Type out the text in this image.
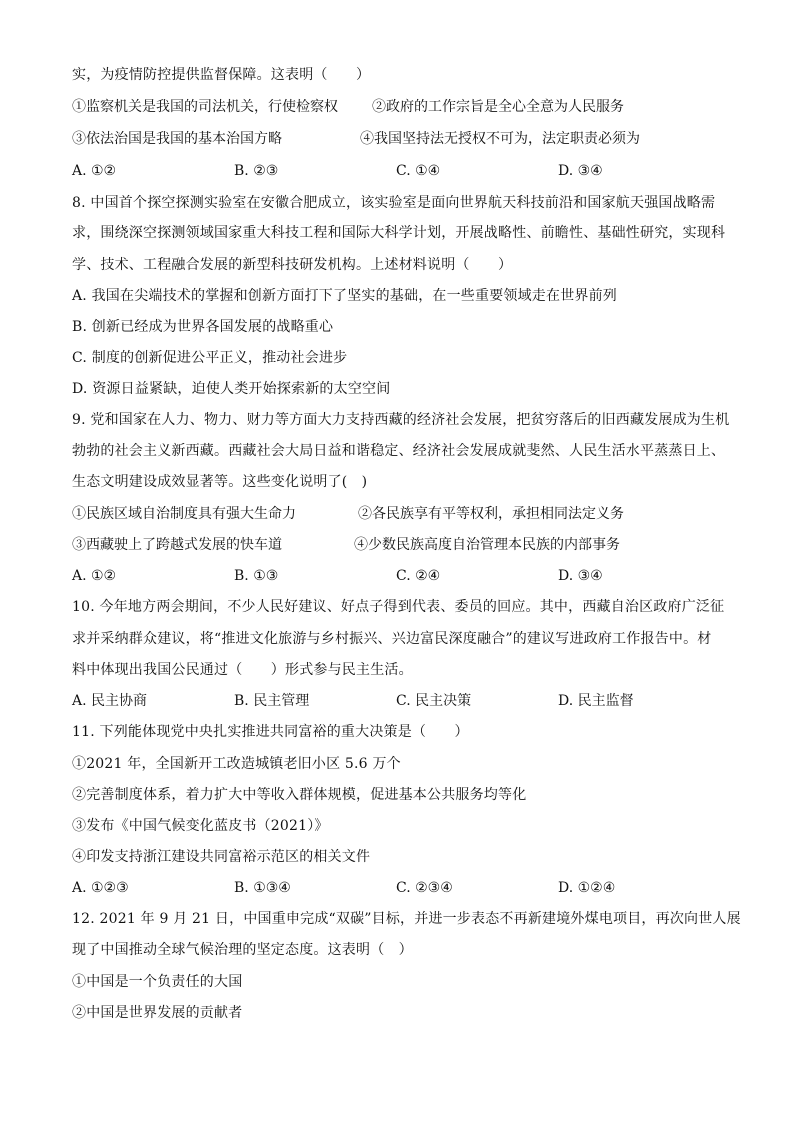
实，为疫情防控提供监督保障。这表明（　　）
①监察机关是我国的司法机关，行使检察权 ②政府的工作宗旨是全心全意为人民服务
③依法治国是我国的基本治国方略	④我国坚持法无授权不可为，法定职责必须为
A. ①②	B. ②③	C. ①④	D. ③④
8. 中国首个探空探测实验室在安徽合肥成立，该实验室是面向世界航天科技前沿和国家航天强国战略需
求，围绕深空探测领域国家重大科技工程和国际大科学计划，开展战略性、前瞻性、基础性研究，实现科
学、技术、工程融合发展的新型科技研发机构。上述材料说明（　　）
A. 我国在尖端技术的掌握和创新方面打下了坚实的基础，在一些重要领域走在世界前列
B. 创新已经成为世界各国发展的战略重心
C. 制度的创新促进公平正义，推动社会进步
D. 资源日益紧缺，迫使人类开始探索新的太空空间
9. 党和国家在人力、物力、财力等方面大力支持西藏的经济社会发展，把贫穷落后的旧西藏发展成为生机
勃勃的社会主义新西藏。西藏社会大局日益和谐稳定、经济社会发展成就斐然、人民生活水平蒸蒸日上、
生态文明建设成效显著等。这些变化说明了(　)
①民族区域自治制度具有强大生命力	②各民族享有平等权利，承担相同法定义务
③西藏驶上了跨越式发展的快车道	④少数民族高度自治管理本民族的内部事务
A. ①②	B. ①③	C. ②④	D. ③④
10. 今年地方两会期间，不少人民好建议、好点子得到代表、委员的回应。其中，西藏自治区政府广泛征
求并采纳群众建议，将“推进文化旅游与乡村振兴、兴边富民深度融合”的建议写进政府工作报告中。材
料中体现出我国公民通过（　　）形式参与民主生活。
A. 民主协商	B. 民主管理	C. 民主决策	D. 民主监督
11. 下列能体现党中央扎实推进共同富裕的重大决策是（　　）
①2021 年，全国新开工改造城镇老旧小区 5.6 万个
②完善制度体系，着力扩大中等收入群体规模，促进基本公共服务均等化
③发布《中国气候变化蓝皮书（2021）》
④印发支持浙江建设共同富裕示范区的相关文件
A. ①②③	B. ①③④	C. ②③④	D. ①②④
12. 2021 年 9 月 21 日，中国重申完成“双碳”目标，并进一步表态不再新建境外煤电项目，再次向世人展
现了中国推动全球气候治理的坚定态度。这表明（　）
①中国是一个负责任的大国
②中国是世界发展的贡献者
